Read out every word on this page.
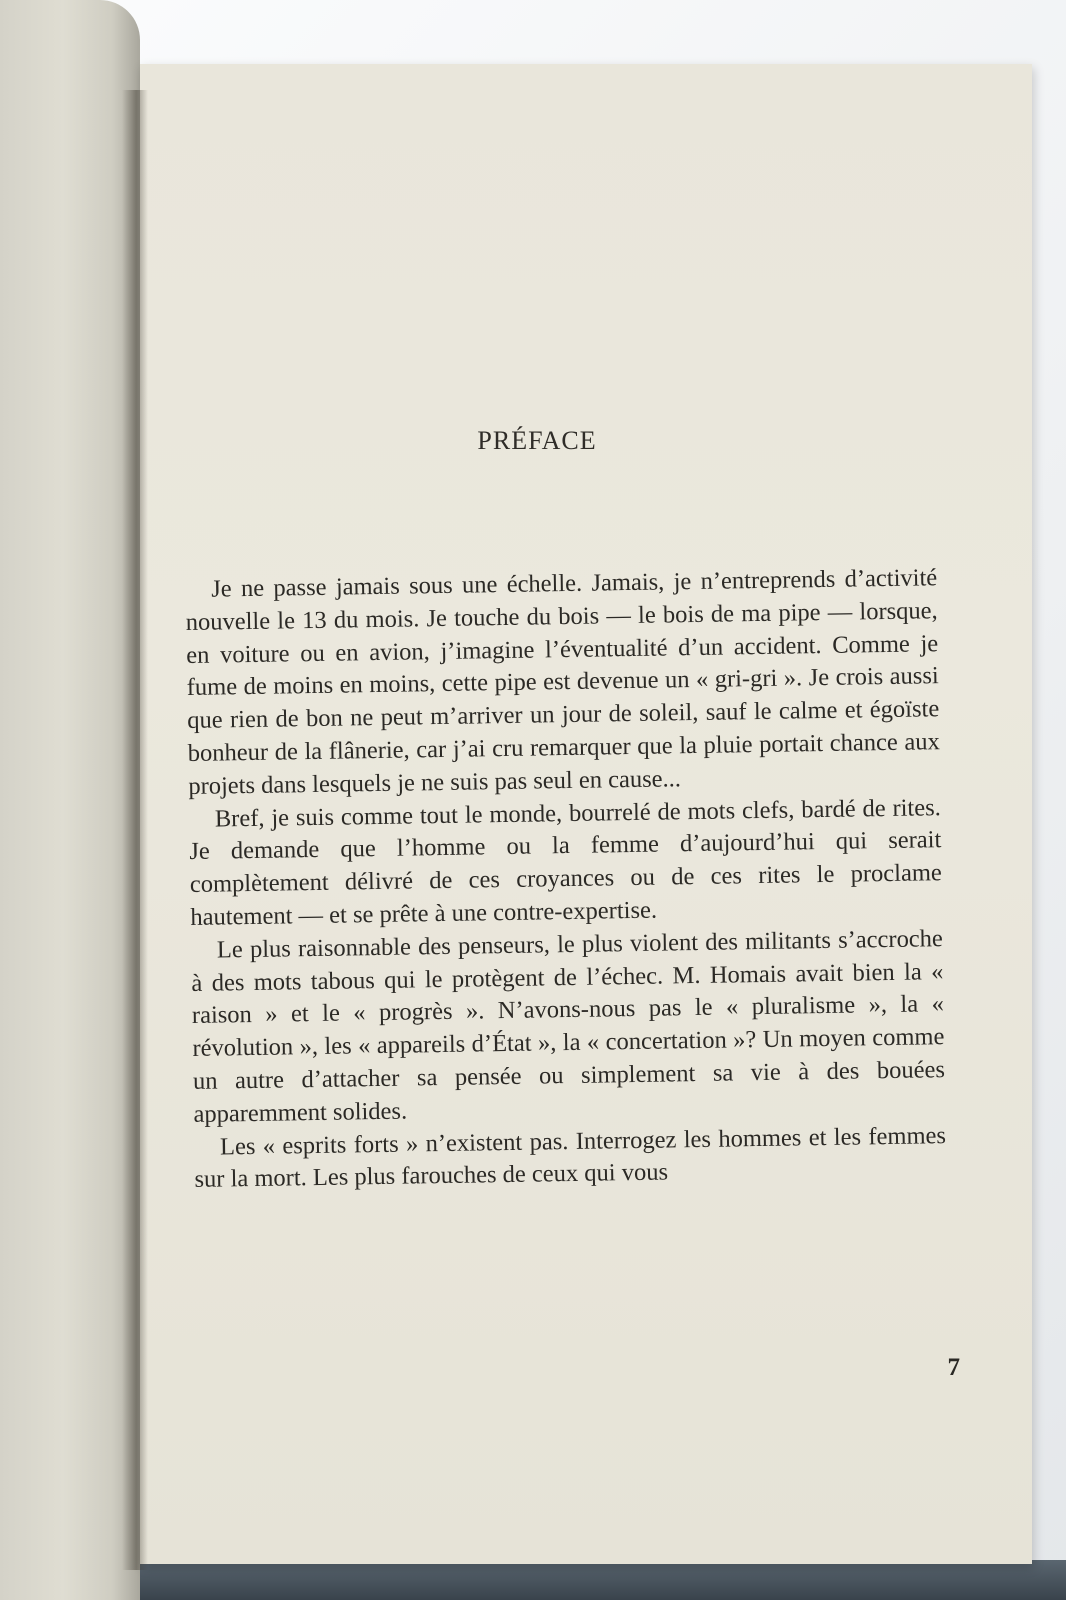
PRÉFACE

Je ne passe jamais sous une échelle. Jamais, je n’entreprends d’activité nouvelle le 13 du mois. Je touche du bois — le bois de ma pipe — lorsque, en voiture ou en avion, j’imagine l’éventualité d’un accident. Comme je fume de moins en moins, cette pipe est devenue un « gri-gri ». Je crois aussi que rien de bon ne peut m’arriver un jour de soleil, sauf le calme et égoïste bonheur de la flânerie, car j’ai cru remarquer que la pluie portait chance aux projets dans lesquels je ne suis pas seul en cause...

Bref, je suis comme tout le monde, bourrelé de mots clefs, bardé de rites. Je demande que l’homme ou la femme d’aujourd’hui qui serait complètement délivré de ces croyances ou de ces rites le proclame hautement — et se prête à une contre-expertise.

Le plus raisonnable des penseurs, le plus violent des militants s’accroche à des mots tabous qui le protègent de l’échec. M. Homais avait bien la « raison » et le « progrès ». N’avons-nous pas le « pluralisme », la « révolution », les « appareils d’État », la « concertation »? Un moyen comme un autre d’attacher sa pensée ou simplement sa vie à des bouées apparemment solides.

Les « esprits forts » n’existent pas. Interrogez les hommes et les femmes sur la mort. Les plus farouches de ceux qui vous

7
